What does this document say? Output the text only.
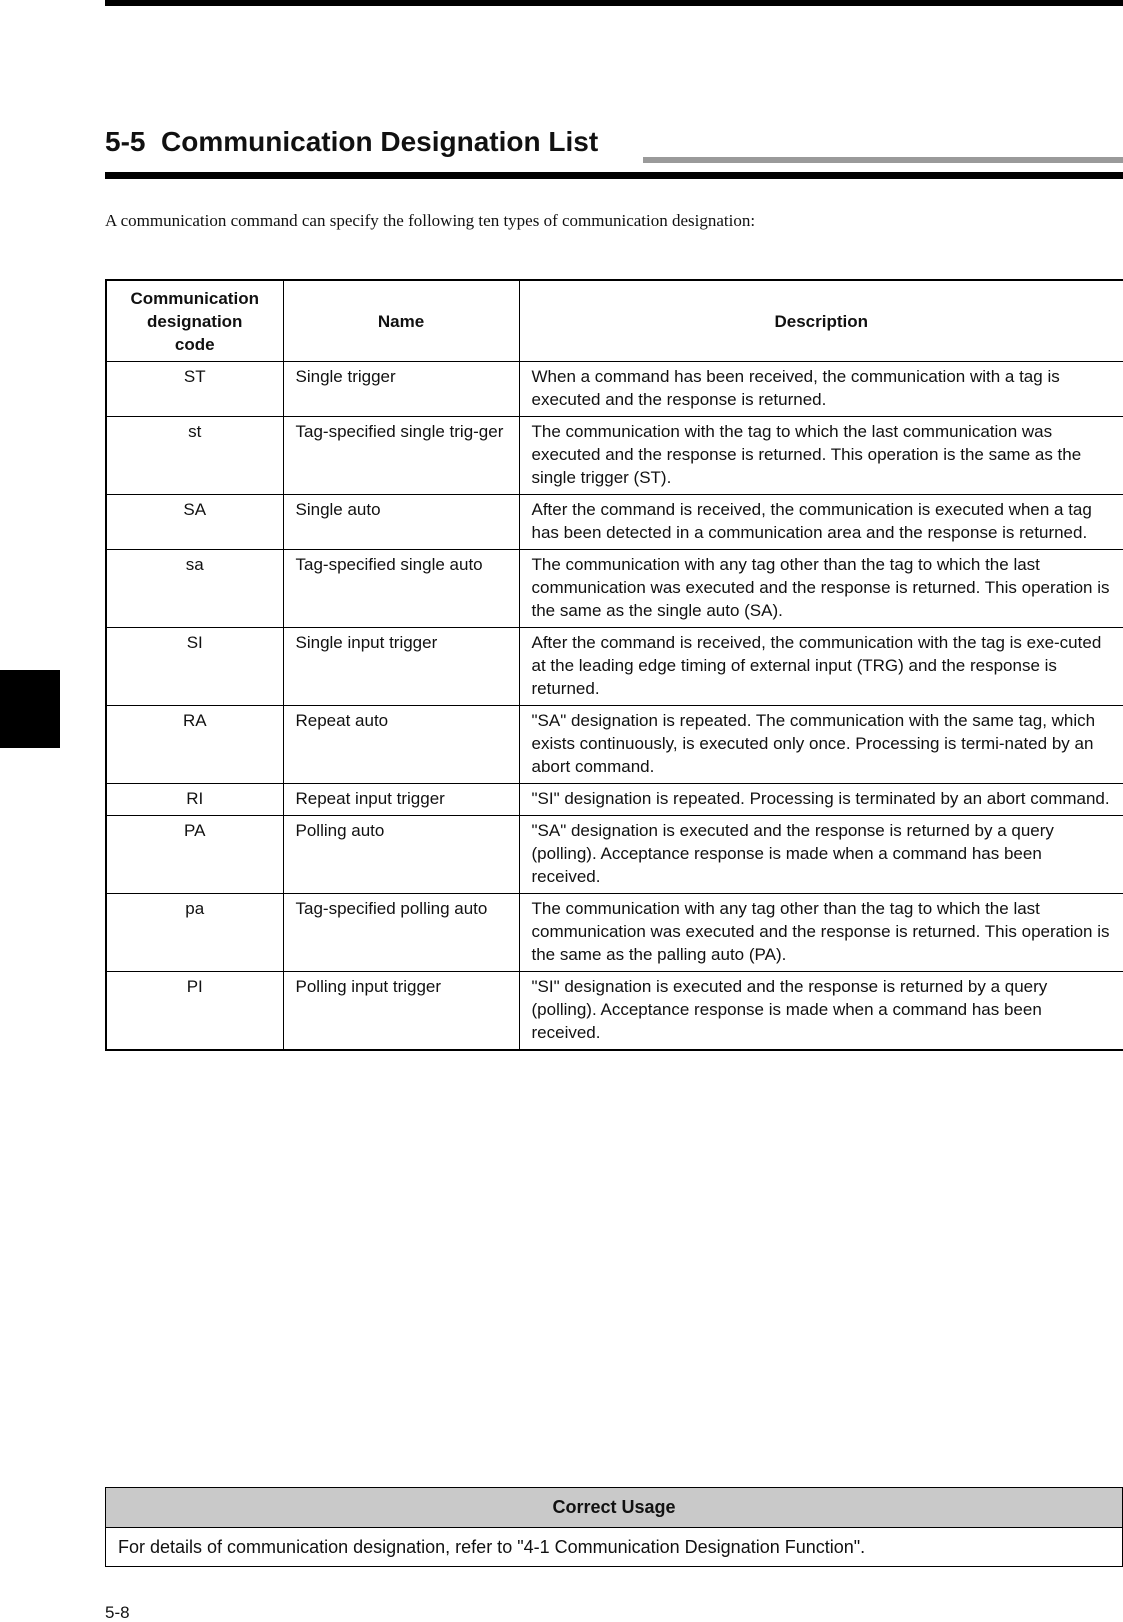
5-5 Communication Designation List
A communication command can specify the following ten types of communication designation:
Communication
designation
code	Name	Description
ST	Single trigger	When a command has been received, the communication with a tag is executed and the response is returned.
st	Tag-specified single trig-ger	The communication with the tag to which the last communication was executed and the response is returned. This operation is the same as the single trigger (ST).
SA	Single auto	After the command is received, the communication is executed when a tag has been detected in a communication area and the response is returned.
sa	Tag-specified single auto	The communication with any tag other than the tag to which the last communication was executed and the response is returned. This operation is the same as the single auto (SA).
SI	Single input trigger	After the command is received, the communication with the tag is exe-cuted at the leading edge timing of external input (TRG) and the response is returned.
RA	Repeat auto	"SA" designation is repeated. The communication with the same tag, which exists continuously, is executed only once. Processing is termi-nated by an abort command.
RI	Repeat input trigger	"SI" designation is repeated. Processing is terminated by an abort command.
PA	Polling auto	"SA" designation is executed and the response is returned by a query (polling). Acceptance response is made when a command has been received.
pa	Tag-specified polling auto	The communication with any tag other than the tag to which the last communication was executed and the response is returned. This operation is the same as the palling auto (PA).
PI	Polling input trigger	"SI" designation is executed and the response is returned by a query (polling). Acceptance response is made when a command has been received.
Correct Usage
For details of communication designation, refer to "4-1 Communication Designation Function".
5-8
